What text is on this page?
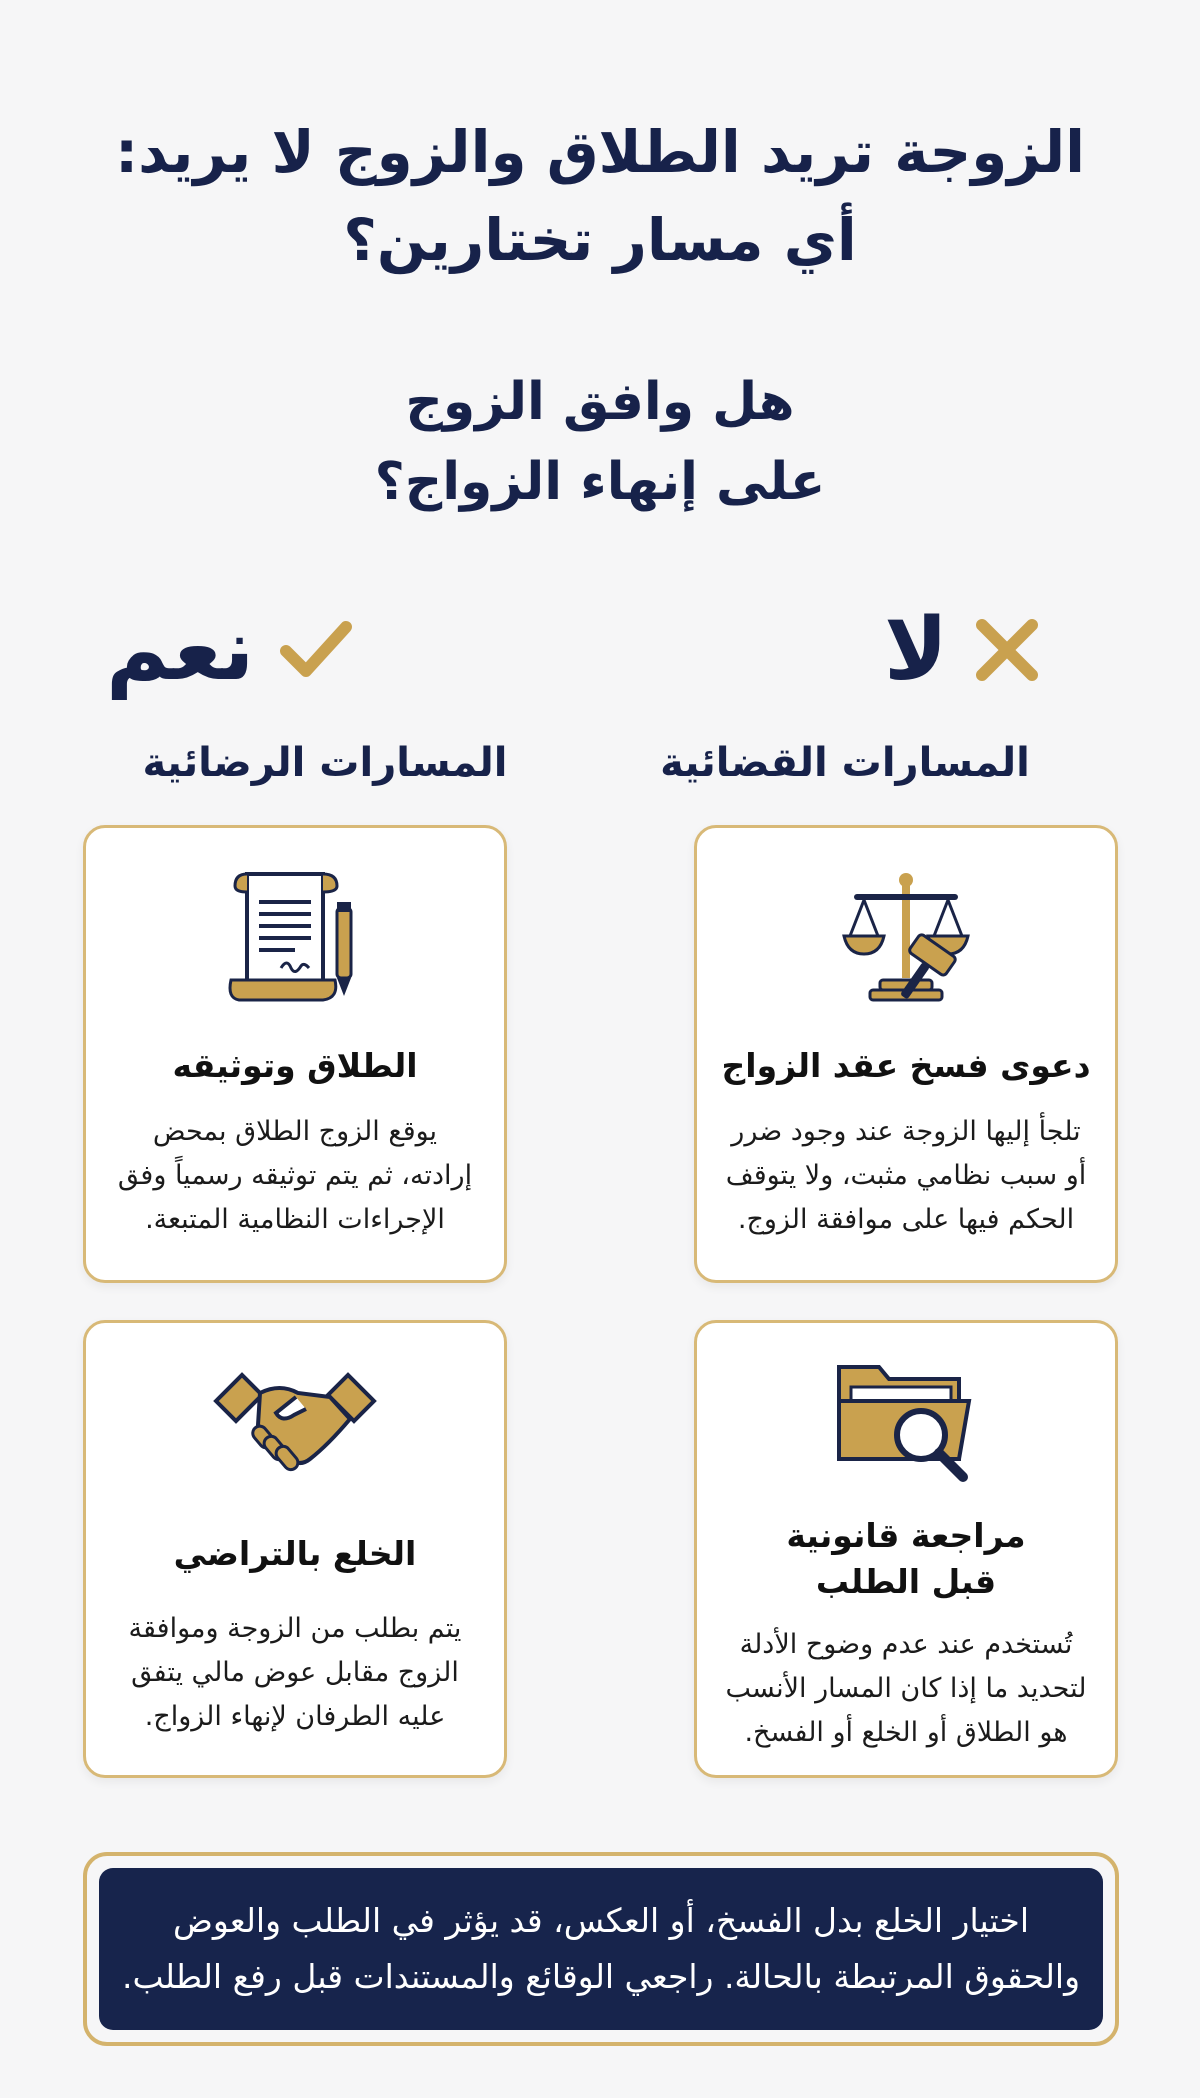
الزوجة تريد الطلاق والزوج لا يريد:
أي مسار تختارين؟
هل وافق الزوج
على إنهاء الزواج؟
لا
نعم
المسارات القضائية
المسارات الرضائية
دعوى فسخ عقد الزواج
تلجأ إليها الزوجة عند وجود ضرر
أو سبب نظامي مثبت، ولا يتوقف
الحكم فيها على موافقة الزوج.
الطلاق وتوثيقه
يوقع الزوج الطلاق بمحض
إرادته، ثم يتم توثيقه رسمياً وفق
الإجراءات النظامية المتبعة.
مراجعة قانونية
قبل الطلب
تُستخدم عند عدم وضوح الأدلة
لتحديد ما إذا كان المسار الأنسب
هو الطلاق أو الخلع أو الفسخ.
الخلع بالتراضي
يتم بطلب من الزوجة وموافقة
الزوج مقابل عوض مالي يتفق
عليه الطرفان لإنهاء الزواج.
اختيار الخلع بدل الفسخ، أو العكس، قد يؤثر في الطلب والعوض
والحقوق المرتبطة بالحالة. راجعي الوقائع والمستندات قبل رفع الطلب.
